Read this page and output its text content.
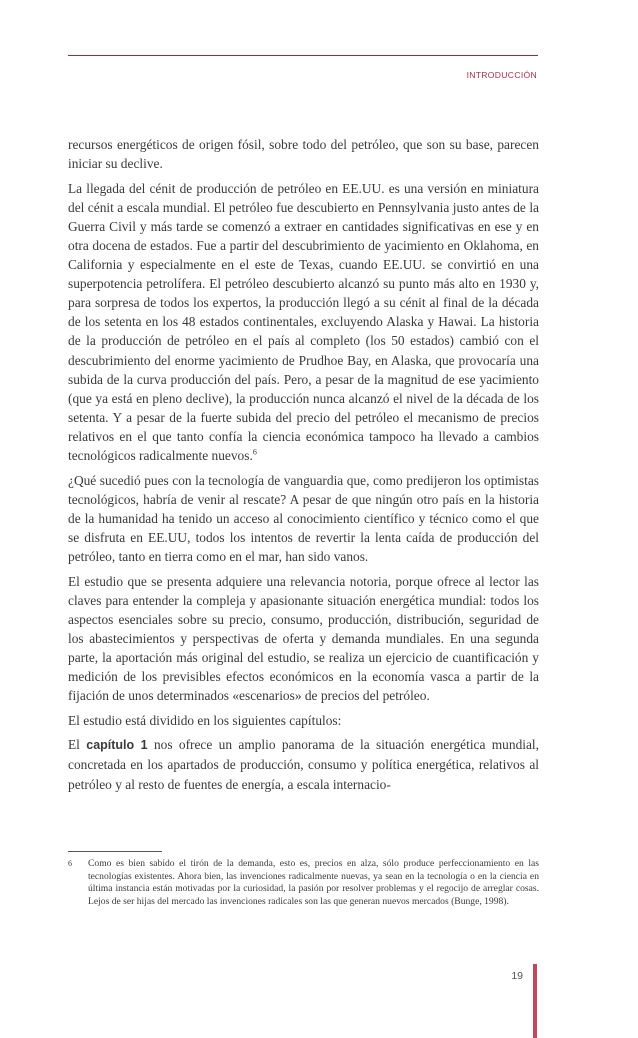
INTRODUCCIÓN

recursos energéticos de origen fósil, sobre todo del petróleo, que son su base, parecen iniciar su declive.

La llegada del cénit de producción de petróleo en EE.UU. es una versión en miniatura del cénit a escala mundial. El petróleo fue descubierto en Pennsylvania justo antes de la Guerra Civil y más tarde se comenzó a extraer en cantidades significativas en ese y en otra docena de estados. Fue a partir del descubrimiento de yacimiento en Oklahoma, en California y especialmente en el este de Texas, cuando EE.UU. se convirtió en una superpotencia petrolífera. El petróleo descubierto alcanzó su punto más alto en 1930 y, para sorpresa de todos los expertos, la producción llegó a su cénit al final de la década de los setenta en los 48 estados continentales, excluyendo Alaska y Hawai. La historia de la producción de petróleo en el país al completo (los 50 estados) cambió con el descubrimiento del enorme yacimiento de Prudhoe Bay, en Alaska, que provocaría una subida de la curva producción del país. Pero, a pesar de la magnitud de ese yacimiento (que ya está en pleno declive), la producción nunca alcanzó el nivel de la década de los setenta. Y a pesar de la fuerte subida del precio del petróleo el mecanismo de precios relativos en el que tanto confía la ciencia económica tampoco ha llevado a cambios tecnológicos radicalmente nuevos.$^6$

¿Qué sucedió pues con la tecnología de vanguardia que, como predijeron los optimistas tecnológicos, habría de venir al rescate? A pesar de que ningún otro país en la historia de la humanidad ha tenido un acceso al conocimiento científico y técnico como el que se disfruta en EE.UU, todos los intentos de revertir la lenta caída de producción del petróleo, tanto en tierra como en el mar, han sido vanos.

El estudio que se presenta adquiere una relevancia notoria, porque ofrece al lector las claves para entender la compleja y apasionante situación energética mundial: todos los aspectos esenciales sobre su precio, consumo, producción, distribución, seguridad de los abastecimientos y perspectivas de oferta y demanda mundiales. En una segunda parte, la aportación más original del estudio, se realiza un ejercicio de cuantificación y medición de los previsibles efectos económicos en la economía vasca a partir de la fijación de unos determinados «escenarios» de precios del petróleo.

El estudio está dividido en los siguientes capítulos:

El capítulo 1 nos ofrece un amplio panorama de la situación energética mundial, concretada en los apartados de producción, consumo y política energética, relativos al petróleo y al resto de fuentes de energía, a escala internacio-

6	Como es bien sabido el tirón de la demanda, esto es, precios en alza, sólo produce perfeccionamiento en las tecnologías existentes. Ahora bien, las invenciones radicalmente nuevas, ya sean en la tecnología o en la ciencia en última instancia están motivadas por la curiosidad, la pasión por resolver problemas y el regocijo de arreglar cosas. Lejos de ser hijas del mercado las invenciones radicales son las que generan nuevos mercados (Bunge, 1998).
19
